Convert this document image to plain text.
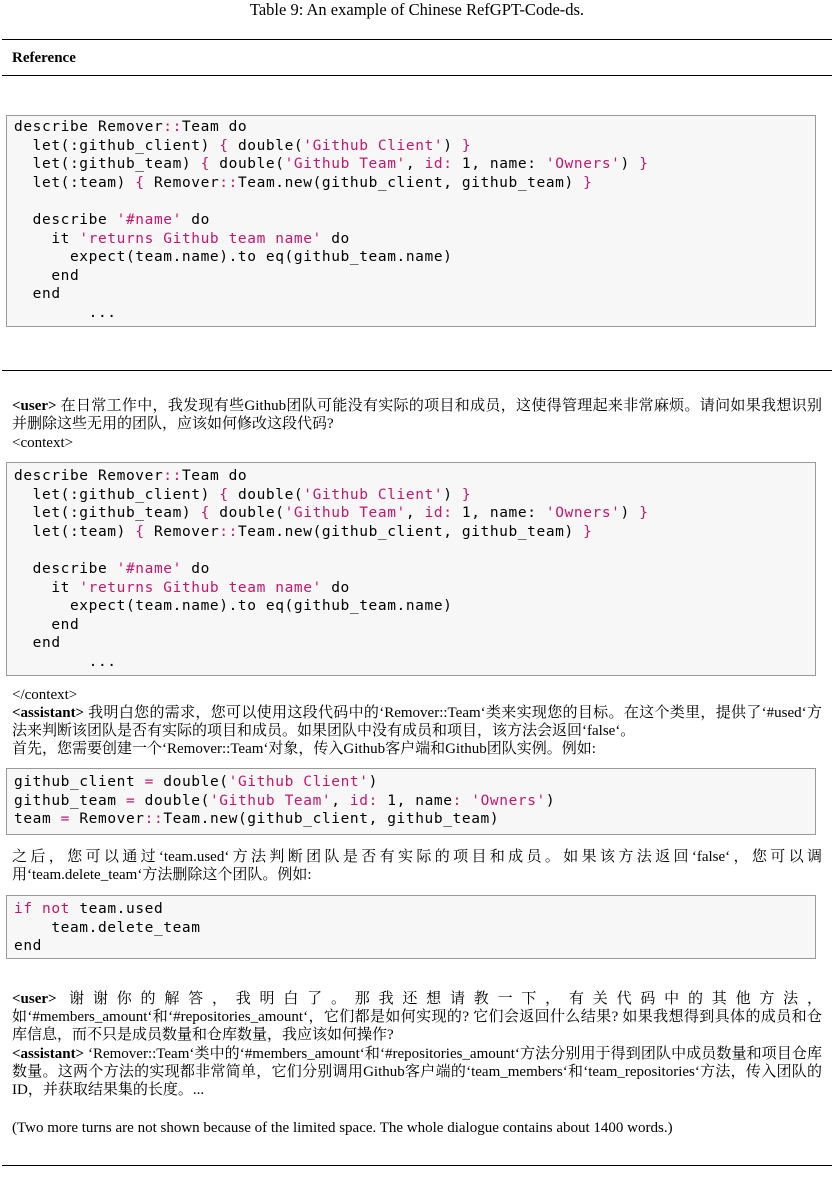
Table 9: An example of Chinese RefGPT-Code-ds.
Reference
describe Remover::Team do
let(:github_client) { double('Github Client') }
let(:github_team) { double('Github Team', id: 1, name: 'Owners') }
let(:team) { Remover::Team.new(github_client, github_team) }
describe '#name' do
it 'returns Github team name' do
expect(team.name).to eq(github_team.name)
end
end
...
<user> 在日常工作中，我发现有些Github团队可能没有实际的项目和成员，这使得管理起来非常麻烦。请问如果我想识别并删除这些无用的团队，应该如何修改这段代码?
<context>
describe Remover::Team do
let(:github_client) { double('Github Client') }
let(:github_team) { double('Github Team', id: 1, name: 'Owners') }
let(:team) { Remover::Team.new(github_client, github_team) }
describe '#name' do
it 'returns Github team name' do
expect(team.name).to eq(github_team.name)
end
end
...
</context>
<assistant> 我明白您的需求，您可以使用这段代码中的‘Remover::Team‘类来实现您的目标。在这个类里，提供了‘#used‘方法来判断该团队是否有实际的项目和成员。如果团队中没有成员和项目，该方法会返回‘false‘。
首先，您需要创建一个‘Remover::Team‘对象，传入Github客户端和Github团队实例。例如:
github_client = double('Github Client')
github_team = double('Github Team', id: 1, name: 'Owners')
team = Remover::Team.new(github_client, github_team)
之后，您可以通过‘team.used‘方法判断团队是否有实际的项目和成员。如果该方法返回‘false‘，您可以调用‘team.delete_team‘方法删除这个团队。例如:
if not team.used
team.delete_team
end
<user> 谢谢你的解答，我明白了。那我还想请教一下，有关代码中的其他方法，如‘#members_amount‘和‘#repositories_amount‘，它们都是如何实现的? 它们会返回什么结果? 如果我想得到具体的成员和仓库信息，而不只是成员数量和仓库数量，我应该如何操作?
<assistant> ‘Remover::Team‘类中的‘#members_amount‘和‘#repositories_amount‘方法分别用于得到团队中成员数量和项目仓库数量。这两个方法的实现都非常简单，它们分别调用Github客户端的‘team_members‘和‘team_repositories‘方法，传入团队的ID，并获取结果集的长度。...
(Two more turns are not shown because of the limited space. The whole dialogue contains about 1400 words.)
